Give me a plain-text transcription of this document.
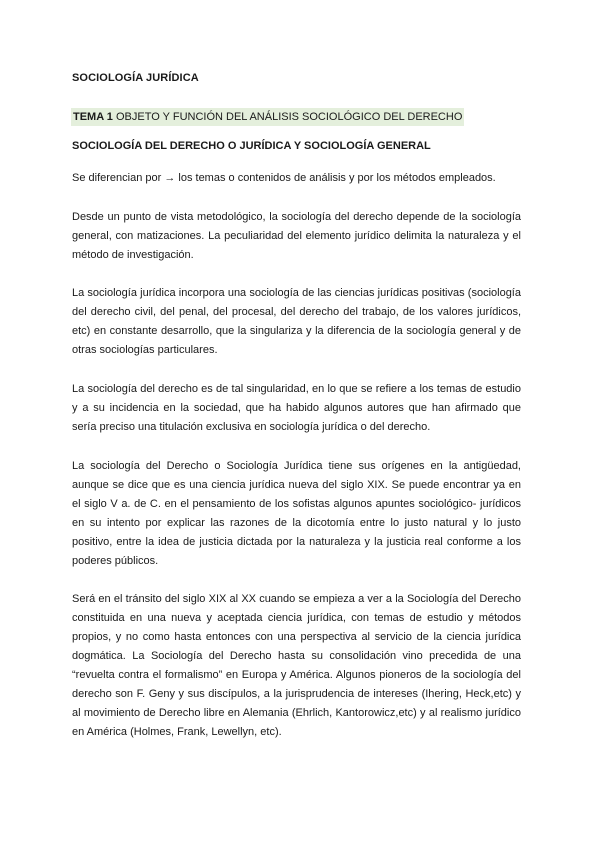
SOCIOLOGÍA JURÍDICA
TEMA 1 OBJETO Y FUNCIÓN DEL ANÁLISIS SOCIOLÓGICO DEL DERECHO
SOCIOLOGÍA DEL DERECHO O JURÍDICA Y SOCIOLOGÍA GENERAL

Se diferencian por → los temas o contenidos de análisis y por los métodos empleados.

Desde un punto de vista metodológico, la sociología del derecho depende de la sociología general, con matizaciones. La peculiaridad del elemento jurídico delimita la naturaleza y el método de investigación.

La sociología jurídica incorpora una sociología de las ciencias jurídicas positivas (sociología del derecho civil, del penal, del procesal, del derecho del trabajo, de los valores jurídicos, etc) en constante desarrollo, que la singulariza y la diferencia de la sociología general y de otras sociologías particulares.

La sociología del derecho es de tal singularidad, en lo que se refiere a los temas de estudio y a su incidencia en la sociedad, que ha habido algunos autores que han afirmado que sería preciso una titulación exclusiva en sociología jurídica o del derecho.

La sociología del Derecho o Sociología Jurídica tiene sus orígenes en la antigüedad, aunque se dice que es una ciencia jurídica nueva del siglo XIX. Se puede encontrar ya en el siglo V a. de C. en el pensamiento de los sofistas algunos apuntes sociológico- jurídicos en su intento por explicar las razones de la dicotomía entre lo justo natural y lo justo positivo, entre la idea de justicia dictada por la naturaleza y la justicia real conforme a los poderes públicos.

Será en el tránsito del siglo XIX al XX cuando se empieza a ver a la Sociología del Derecho constituida en una nueva y aceptada ciencia jurídica, con temas de estudio y métodos propios, y no como hasta entonces con una perspectiva al servicio de la ciencia jurídica dogmática. La Sociología del Derecho hasta su consolidación vino precedida de una “revuelta contra el formalismo” en Europa y América. Algunos pioneros de la sociología del derecho son F. Geny y sus discípulos, a la jurisprudencia de intereses (Ihering, Heck,etc) y al movimiento de Derecho libre en Alemania (Ehrlich, Kantorowicz,etc) y al realismo jurídico en América (Holmes, Frank, Lewellyn, etc).
